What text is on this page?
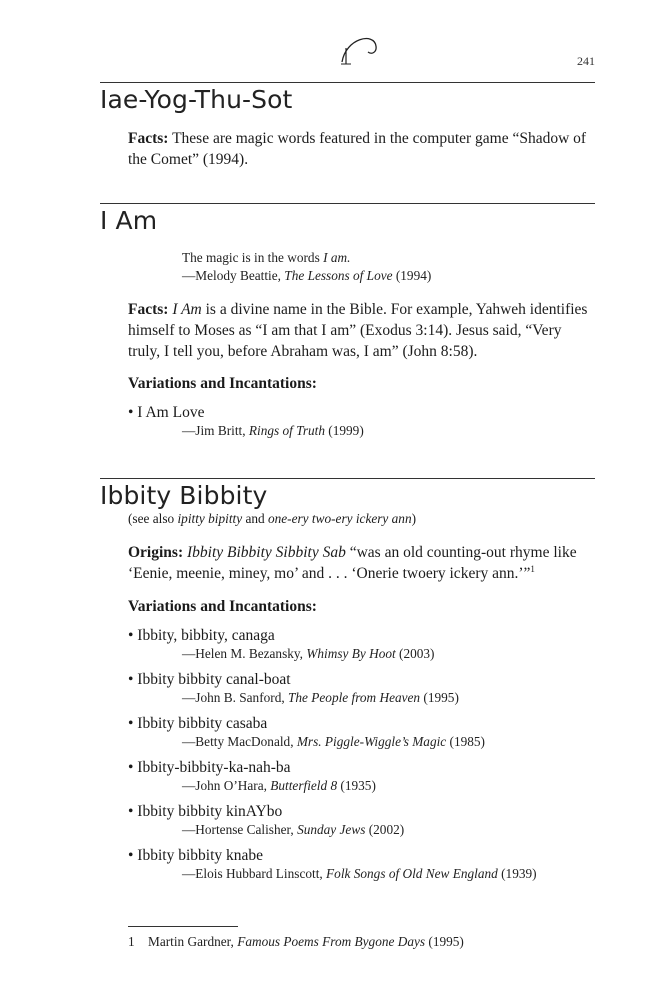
241
Iae-Yog-Thu-Sot
Facts: These are magic words featured in the computer game “Shadow of the Comet” (1994).
I Am
The magic is in the words I am.
—Melody Beattie, The Lessons of Love (1994)
Facts: I Am is a divine name in the Bible. For example, Yahweh identifies himself to Moses as “I am that I am” (Exodus 3:14). Jesus said, “Very truly, I tell you, before Abraham was, I am” (John 8:58).
Variations and Incantations:
• I Am Love
—Jim Britt, Rings of Truth (1999)
Ibbity Bibbity
(see also ipitty bipitty and one-ery two-ery ickery ann)
Origins: Ibbity Bibbity Sibbity Sab “was an old counting-out rhyme like ‘Eenie, meenie, miney, mo’ and . . . ‘Onerie twoery ickery ann.’”$^1$
Variations and Incantations:
• Ibbity, bibbity, canaga
—Helen M. Bezansky, Whimsy By Hoot (2003)
• Ibbity bibbity canal-boat
—John B. Sanford, The People from Heaven (1995)
• Ibbity bibbity casaba
—Betty MacDonald, Mrs. Piggle-Wiggle’s Magic (1985)
• Ibbity-bibbity-ka-nah-ba
—John O’Hara, Butterfield 8 (1935)
• Ibbity bibbity kinAYbo
—Hortense Calisher, Sunday Jews (2002)
• Ibbity bibbity knabe
—Elois Hubbard Linscott, Folk Songs of Old New England (1939)
1 Martin Gardner, Famous Poems From Bygone Days (1995)
